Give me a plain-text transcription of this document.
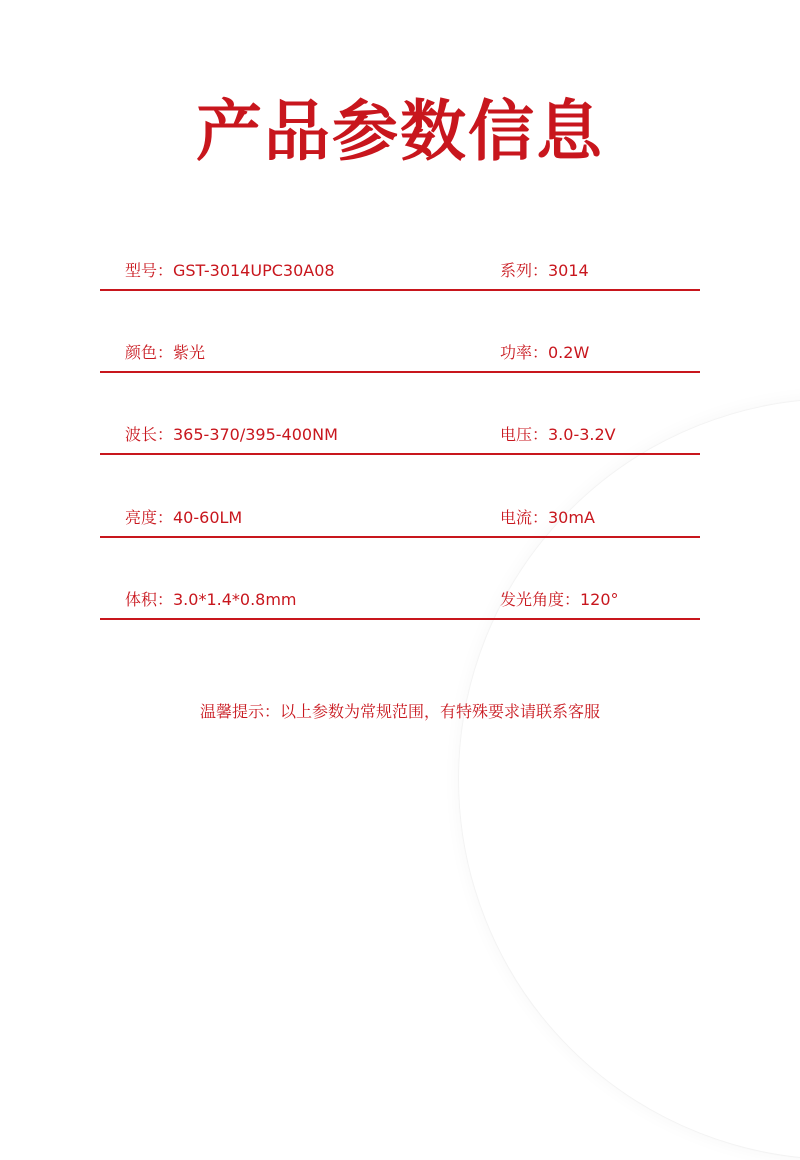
产品参数信息
型号：GST-3014UPC30A08	系列：3014
颜色：紫光	功率：0.2W
波长：365-370/395-400NM	电压：3.0-3.2V
亮度：40-60LM	电流：30mA
体积：3.0*1.4*0.8mm	发光角度：120°

温馨提示：以上参数为常规范围，有特殊要求请联系客服
